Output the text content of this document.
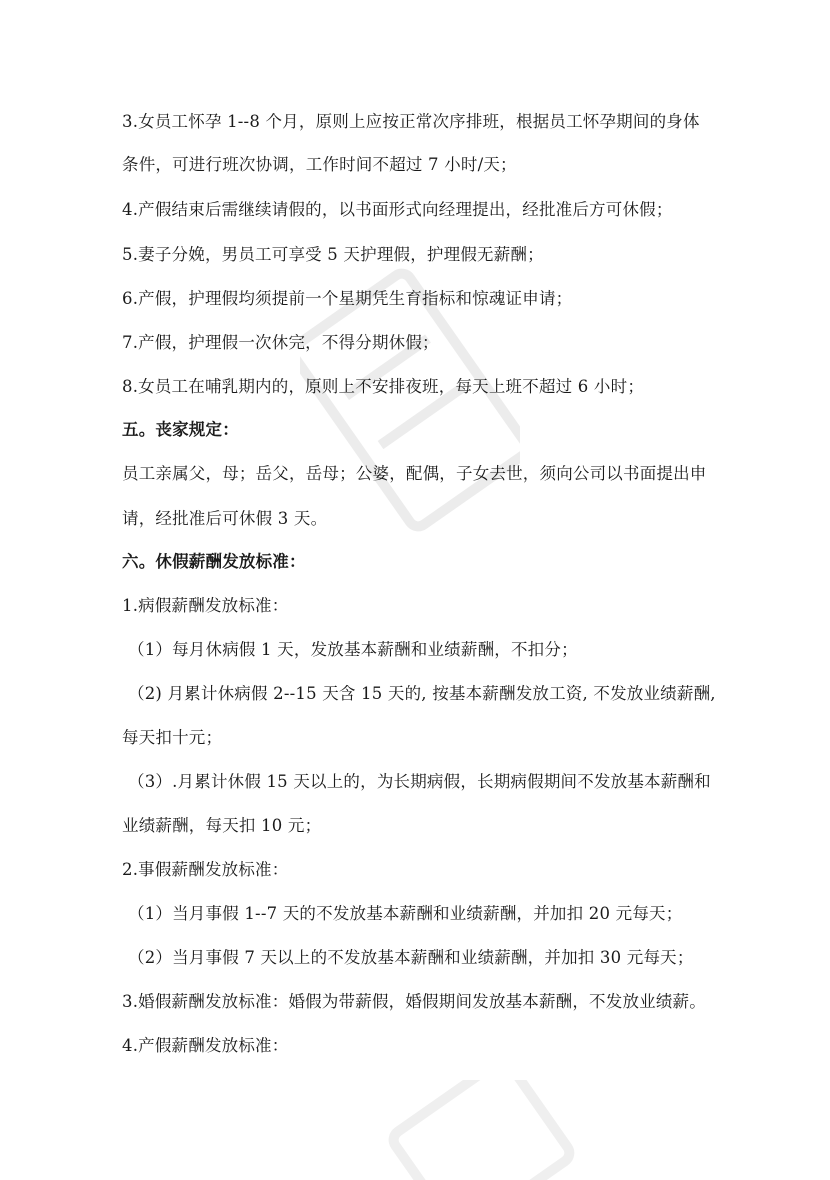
3.女员工怀孕 1--8 个月，原则上应按正常次序排班，根据员工怀孕期间的身体
条件，可进行班次协调，工作时间不超过 7 小时/天；
4.产假结束后需继续请假的，以书面形式向经理提出，经批准后方可休假；
5.妻子分娩，男员工可享受 5 天护理假，护理假无薪酬；
6.产假，护理假均须提前一个星期凭生育指标和惊魂证申请；
7.产假，护理假一次休完，不得分期休假；
8.女员工在哺乳期内的，原则上不安排夜班，每天上班不超过 6 小时；
五。丧家规定：
员工亲属父，母；岳父，岳母；公婆，配偶，子女去世，须向公司以书面提出申
请，经批准后可休假 3 天。
六。休假薪酬发放标准：
1.病假薪酬发放标准：
（1）每月休病假 1 天，发放基本薪酬和业绩薪酬，不扣分；
（2) 月累计休病假 2--15 天含 15 天的, 按基本薪酬发放工资, 不发放业绩薪酬,
每天扣十元；
（3）.月累计休假 15 天以上的，为长期病假，长期病假期间不发放基本薪酬和
业绩薪酬，每天扣 10 元；
2.事假薪酬发放标准：
（1）当月事假 1--7 天的不发放基本薪酬和业绩薪酬，并加扣 20 元每天；
（2）当月事假 7 天以上的不发放基本薪酬和业绩薪酬，并加扣 30 元每天；
3.婚假薪酬发放标准：婚假为带薪假，婚假期间发放基本薪酬，不发放业绩薪。
4.产假薪酬发放标准：
